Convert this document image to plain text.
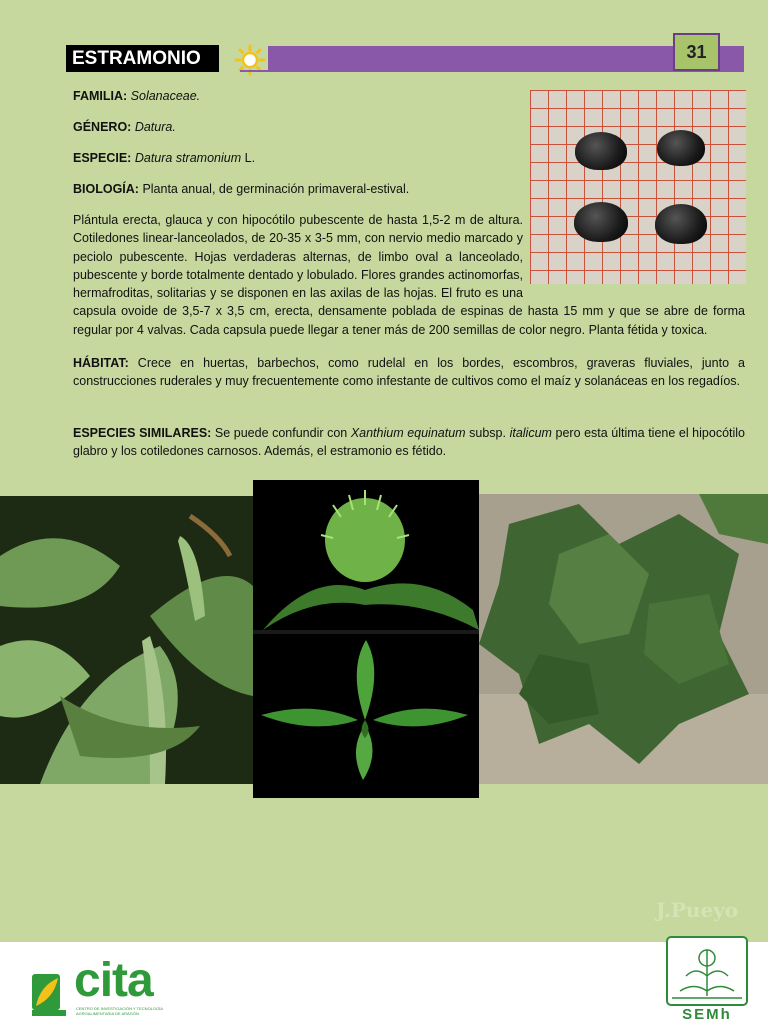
ESTRAMONIO	31

FAMILIA: Solanaceae.

GÉNERO: Datura.

ESPECIE: Datura stramonium L.

BIOLOGÍA: Planta anual, de germinación primaveral-estival.

Plántula erecta, glauca y con hipocótilo pubescente de hasta 1,5-2 m de altura. Cotiledones linear-lanceolados, de 20-35 x 3-5 mm, con nervio medio marcado y peciolo pubescente. Hojas verdaderas alternas, de limbo oval a lanceolado, pubescente y borde totalmente dentado y lobulado. Flores grandes actinomorfas, hermafroditas, solitarias y se disponen en las axilas de las hojas. El fruto es una capsula ovoide de 3,5-7 x 3,5 cm, erecta, densamente poblada de espinas de hasta 15 mm y que se abre de forma regular por 4 valvas. Cada capsula puede llegar a tener más de 200 semillas de color negro. Planta fétida y toxica.

HÁBITAT: Crece en huertas, barbechos, como rudelal en los bordes, escombros, graveras fluviales, junto a construcciones ruderales y muy frecuentemente como infestante de cultivos como el maíz y solanáceas en los regadíos.

ESPECIES SIMILARES: Se puede confundir con Xanthium equinatum subsp. italicum pero esta última tiene el hipocótilo glabro y los cotiledones carnosos. Además, el estramonio es fétido.

J.Pueyo
cita
CENTRO DE INVESTIGACIÓN Y TECNOLOGÍA AGROALIMENTARIA DE ARAGÓN	SEMh
